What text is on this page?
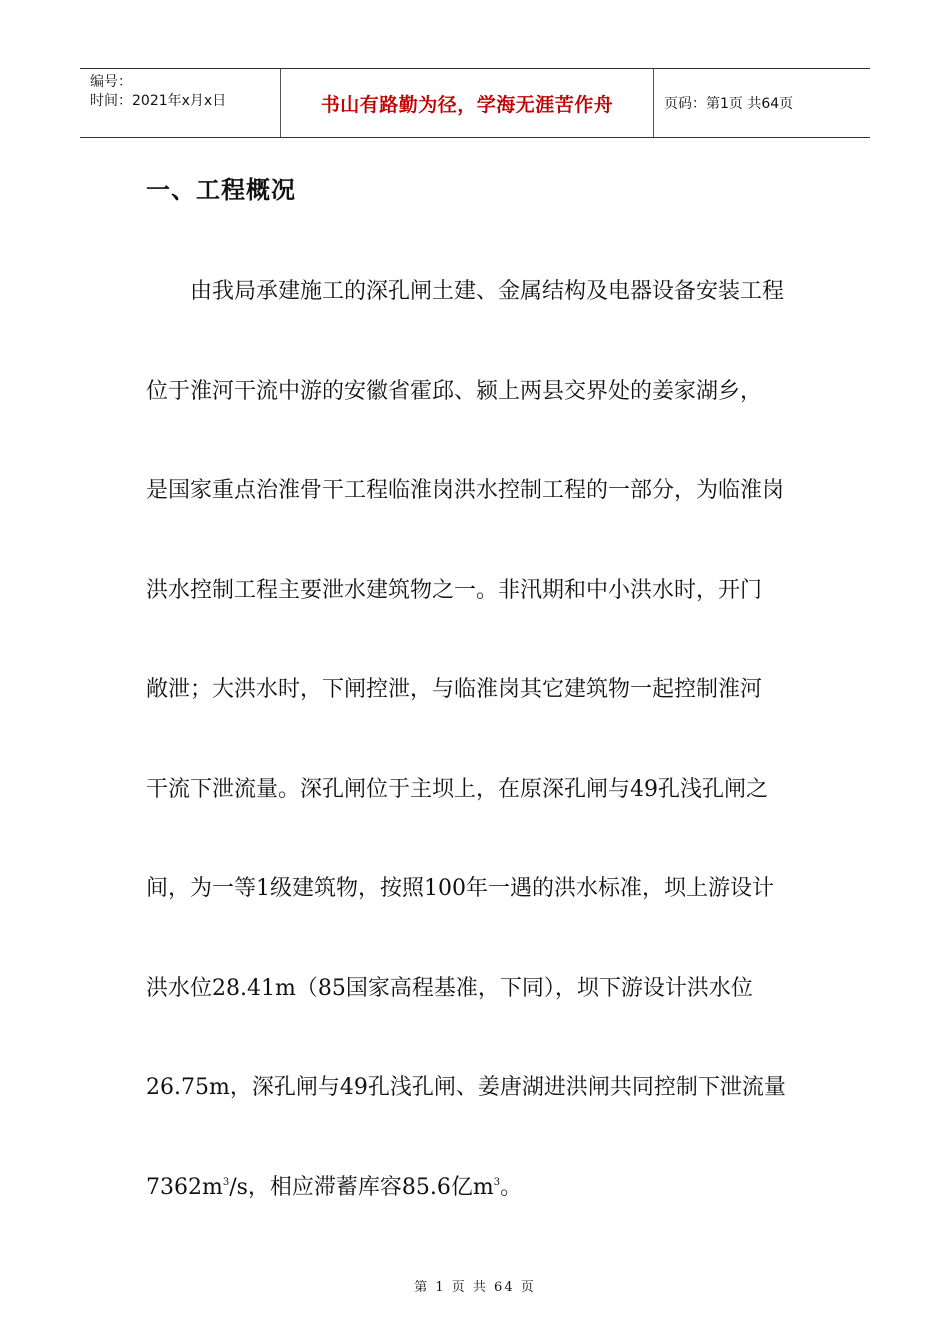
编号：
时间：2021年x月x日	书山有路勤为径，学海无涯苦作舟	页码：第1页 共64页
一、工程概况
由我局承建施工的深孔闸土建、金属结构及电器设备安装工程
位于淮河干流中游的安徽省霍邱、颍上两县交界处的姜家湖乡，
是国家重点治淮骨干工程临淮岗洪水控制工程的一部分，为临淮岗
洪水控制工程主要泄水建筑物之一。非汛期和中小洪水时，开门
敞泄；大洪水时，下闸控泄，与临淮岗其它建筑物一起控制淮河
干流下泄流量。深孔闸位于主坝上，在原深孔闸与49孔浅孔闸之
间，为一等1级建筑物，按照100年一遇的洪水标准，坝上游设计
洪水位28.41m（85国家高程基准，下同），坝下游设计洪水位
26.75m，深孔闸与49孔浅孔闸、姜唐湖进洪闸共同控制下泄流量
$7362m^3/s$，相应滞蓄库容85.6亿$m^3$。
第 1 页 共 64 页
